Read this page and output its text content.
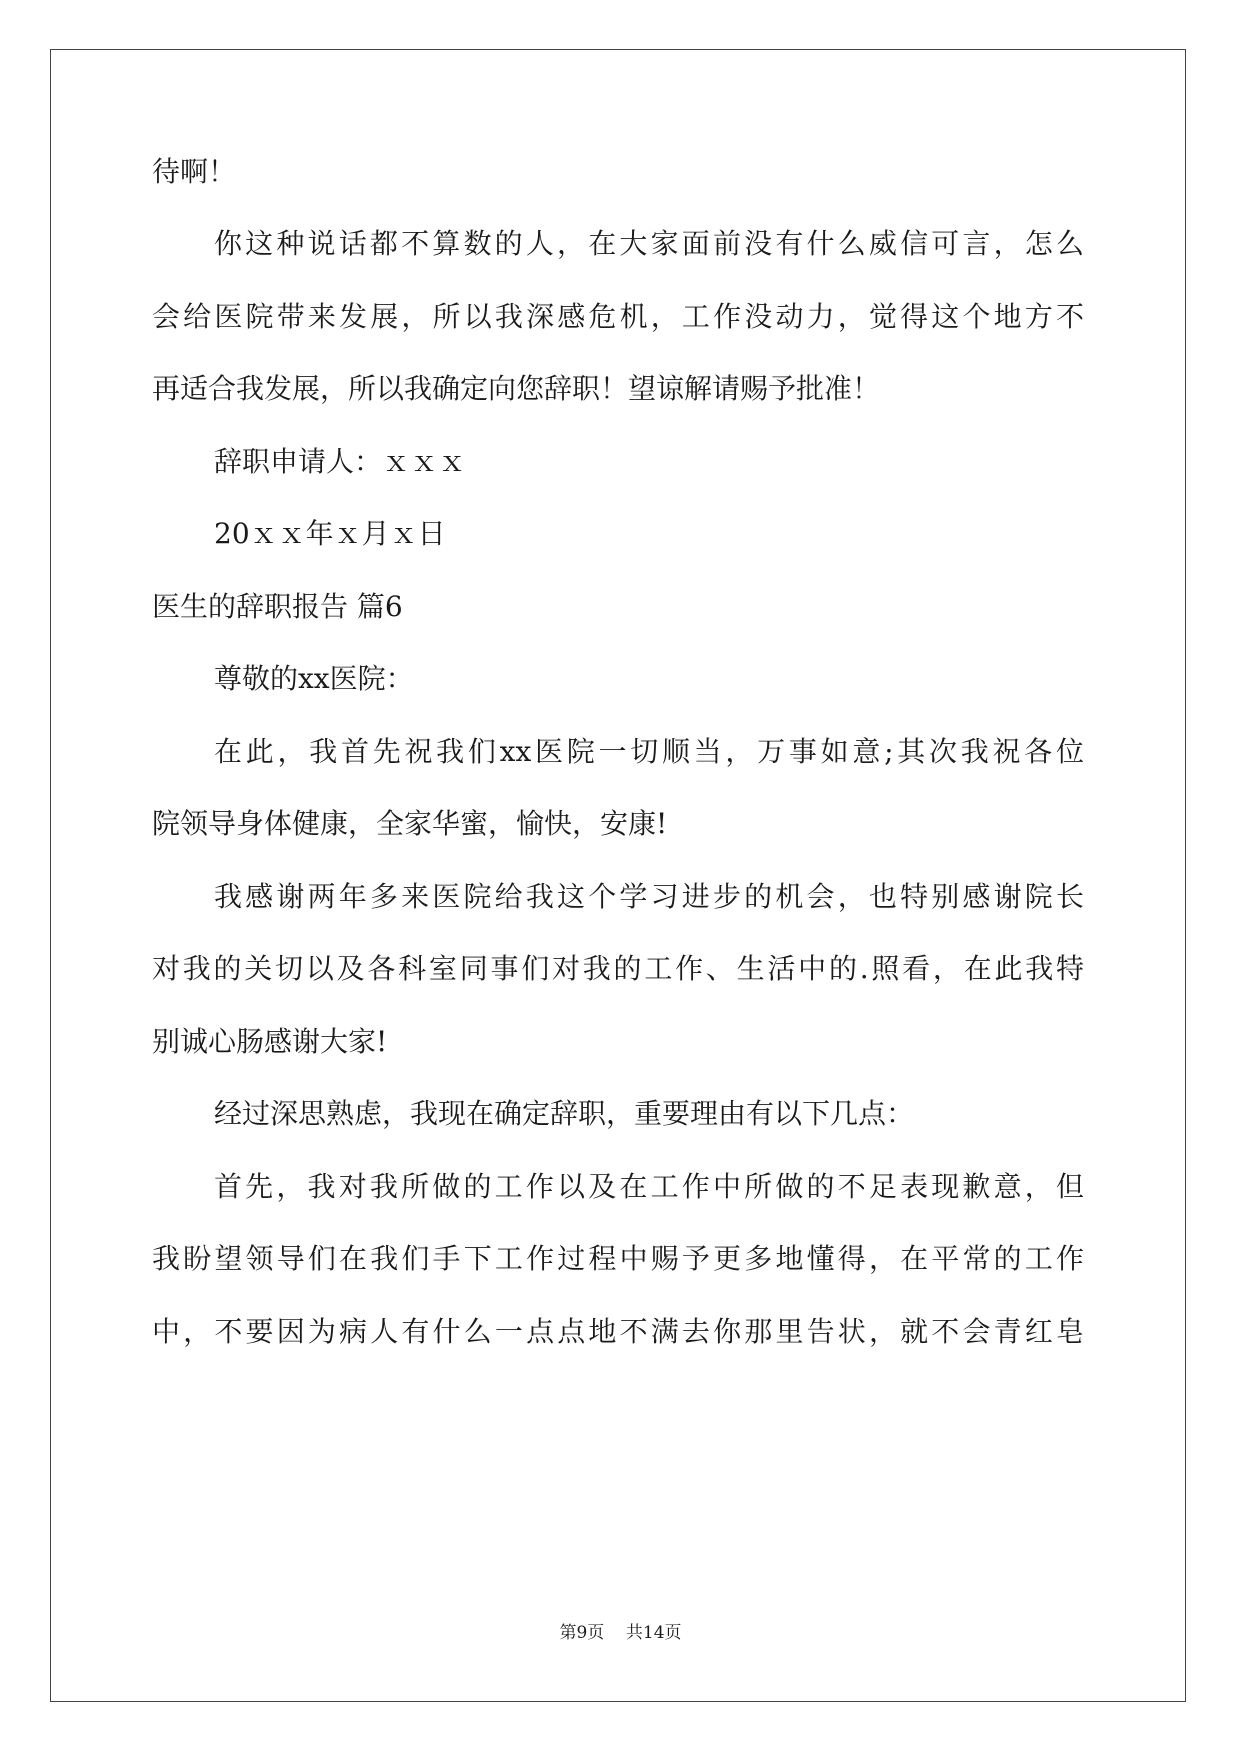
待啊！
你这种说话都不算数的人，在大家面前没有什么威信可言，怎么
会给医院带来发展，所以我深感危机，工作没动力，觉得这个地方不
再适合我发展，所以我确定向您辞职！望谅解请赐予批准！
辞职申请人：ｘｘｘ
20ｘｘ年ｘ月ｘ日
医生的辞职报告 篇6
尊敬的xx医院：
在此，我首先祝我们xx医院一切顺当，万事如意;其次我祝各位
院领导身体健康，全家华蜜，愉快，安康!
我感谢两年多来医院给我这个学习进步的机会，也特别感谢院长
对我的关切以及各科室同事们对我的工作、生活中的.照看，在此我特
别诚心肠感谢大家!
经过深思熟虑，我现在确定辞职，重要理由有以下几点：
首先，我对我所做的工作以及在工作中所做的不足表现歉意，但
我盼望领导们在我们手下工作过程中赐予更多地懂得，在平常的工作
中，不要因为病人有什么一点点地不满去你那里告状，就不会青红皂
第9页    共14页
